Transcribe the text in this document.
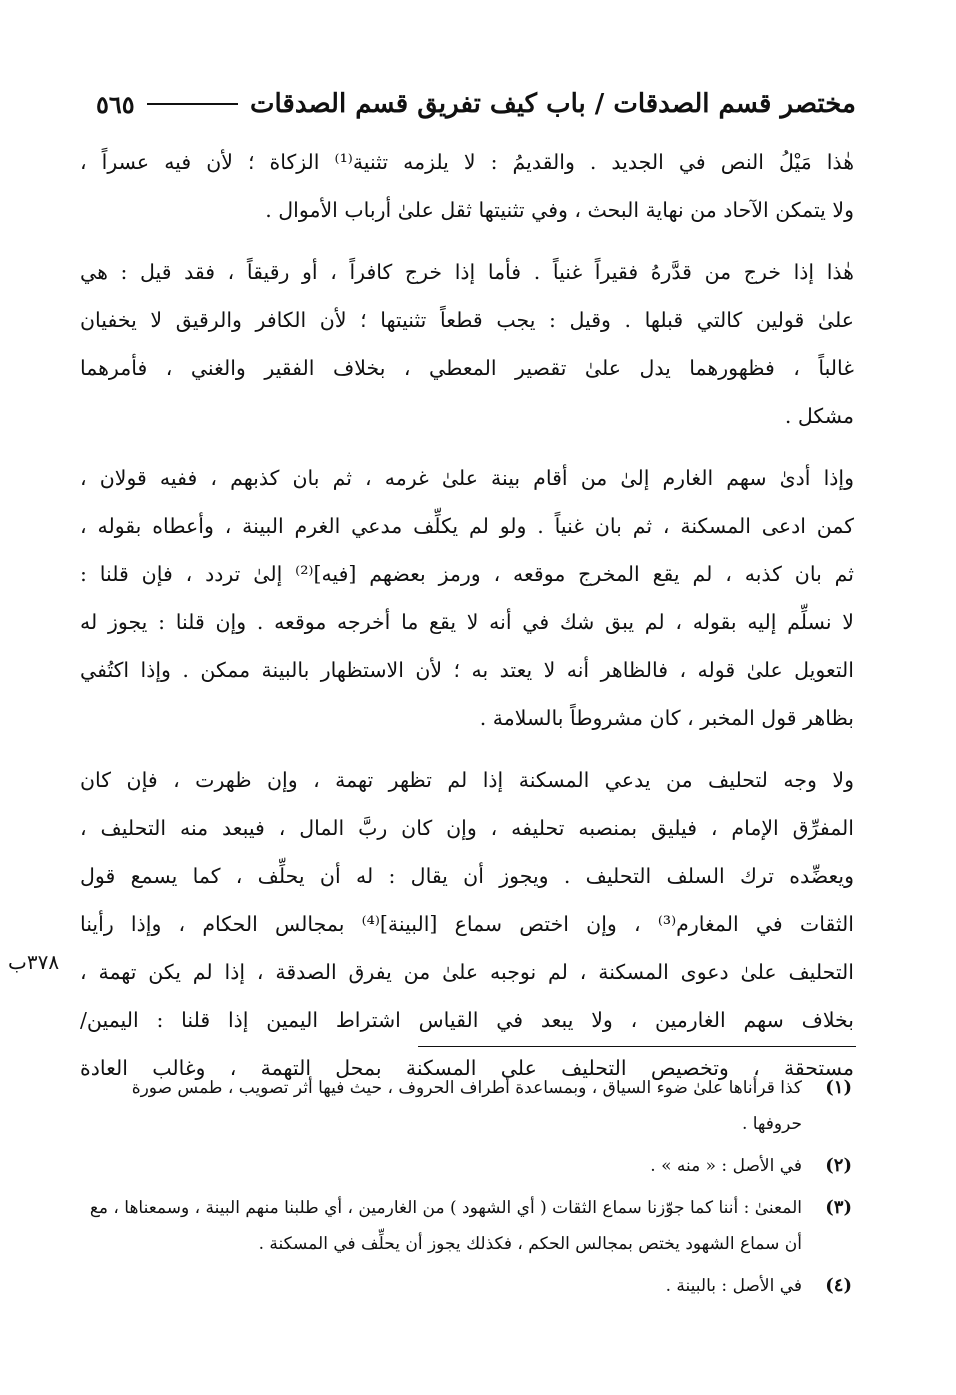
مختصر قسم الصدقات / باب كيف تفريق قسم الصدقات
٥٦٥
هٰذا مَيْلُ النص في الجديد . والقديمُ : لا يلزمه تثنية⁽¹⁾ الزكاة ؛ لأن فيه عسراً ،
ولا يتمكن الآحاد من نهاية البحث ، وفي تثنيتها ثقل علىٰ أرباب الأموال .
هٰذا إذا خرج من قدَّرهُ فقيراً غنياً . فأما إذا خرج كافراً ، أو رقيقاً ، فقد قيل : هي
علىٰ قولين كالتي قبلها . وقيل : يجب قطعاً تثنيتها ؛ لأن الكافر والرقيق لا يخفيان
غالباً ، فظهورهما يدل علىٰ تقصير المعطي ، بخلاف الفقير والغني ، فأمرهما
مشكل .
وإذا أدىٰ سهم الغارم إلىٰ من أقام بينة علىٰ غرمه ، ثم بان كذبهم ، ففيه قولان ،
كمن ادعى المسكنة ، ثم بان غنياً . ولو لم يكلِّف مدعي الغرم البينة ، وأعطاه بقوله ،
ثم بان كذبه ، لم يقع المخرج موقعه ، ورمز بعضهم [فيه]⁽²⁾ إلىٰ تردد ، فإن قلنا :
لا نسلِّم إليه بقوله ، لم يبق شك في أنه لا يقع ما أخرجه موقعه . وإن قلنا : يجوز له
التعويل علىٰ قوله ، فالظاهر أنه لا يعتد به ؛ لأن الاستظهار بالبينة ممكن . وإذا اكتُفي
بظاهر قول المخبر ، كان مشروطاً بالسلامة .
ولا وجه لتحليف من يدعي المسكنة إذا لم تظهر تهمة ، وإن ظهرت ، فإن كان
المفرِّق الإمام ، فيليق بمنصبه تحليفه ، وإن كان ربَّ المال ، فيبعد منه التحليف ،
ويعضِّده ترك السلف التحليف . ويجوز أن يقال : له أن يحلِّف ، كما يسمع قول
الثقات في المغارم⁽³⁾ ، وإن اختص سماع [البينة]⁽⁴⁾ بمجالس الحكام ، وإذا رأينا
التحليف علىٰ دعوى المسكنة ، لم نوجبه علىٰ من يفرق الصدقة ، إذا لم يكن تهمة ،
بخلاف سهم الغارمين ، ولا يبعد في القياس اشتراط اليمين إذا قلنا : اليمين/
مستحقة ، وتخصيص التحليف على المسكنة بمحل التهمة ، وغالب العادة
٣٧٨ب
(١)
كذا قرأناها علىٰ ضوء السياق ، وبمساعدة أطراف الحروف ، حيث فيها أثر تصويب ، طمس صورة حروفها .
(٢)
في الأصل : « منه » .
(٣)
المعنىٰ : أننا كما جوّزنا سماع الثقات ( أي الشهود ) من الغارمين ، أي طلبنا منهم البينة ، وسمعناها ، مع أن سماع الشهود يختص بمجالس الحكم ، فكذلك يجوز أن يحلِّف في المسكنة .
(٤)
في الأصل : بالبينة .
